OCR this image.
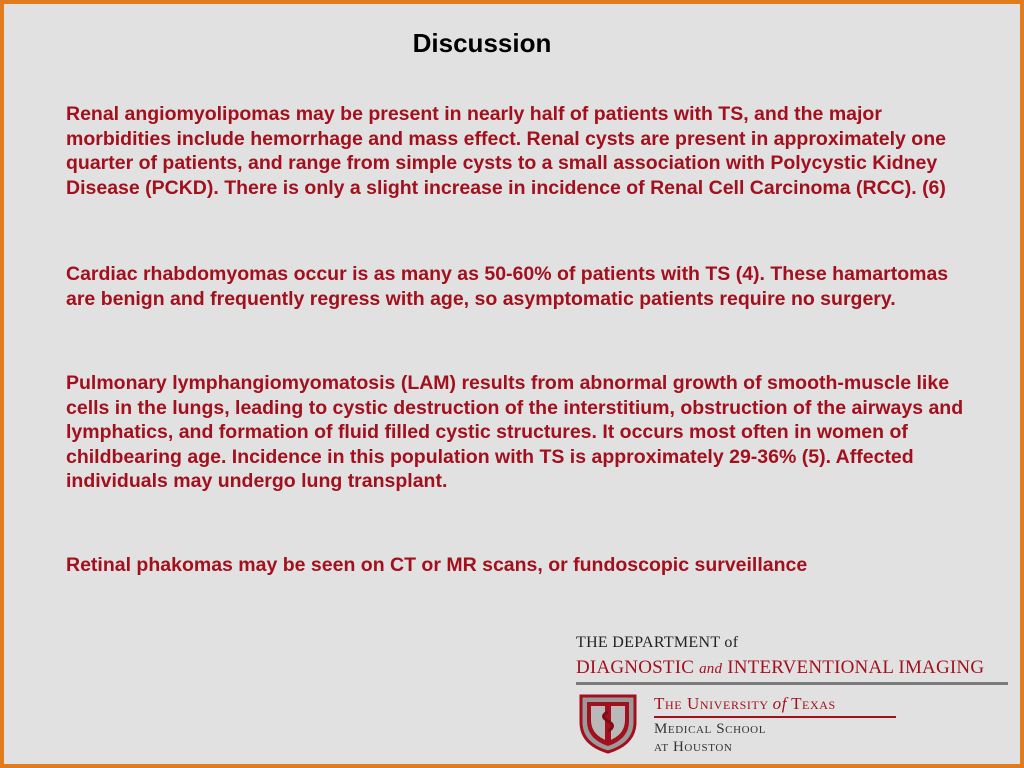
Discussion

Renal angiomyolipomas may be present in nearly half of patients with TS, and the major morbidities include hemorrhage and mass effect. Renal cysts are present in approximately one quarter of patients, and range from simple cysts to a small association with Polycystic Kidney Disease (PCKD). There is only a slight increase in incidence of Renal Cell Carcinoma (RCC). (6)

Cardiac rhabdomyomas occur is as many as 50-60% of patients with TS (4). These hamartomas are benign and frequently regress with age, so asymptomatic patients require no surgery.

Pulmonary lymphangiomyomatosis (LAM) results from abnormal growth of smooth-muscle like cells in the lungs, leading to cystic destruction of the interstitium, obstruction of the airways and lymphatics, and formation of fluid filled cystic structures. It occurs most often in women of childbearing age. Incidence in this population with TS is approximately 29-36% (5). Affected individuals may undergo lung transplant.

Retinal phakomas may be seen on CT or MR scans, or fundoscopic surveillance

THE DEPARTMENT of
DIAGNOSTIC and INTERVENTIONAL IMAGING
The University of Texas
Medical School
at Houston
